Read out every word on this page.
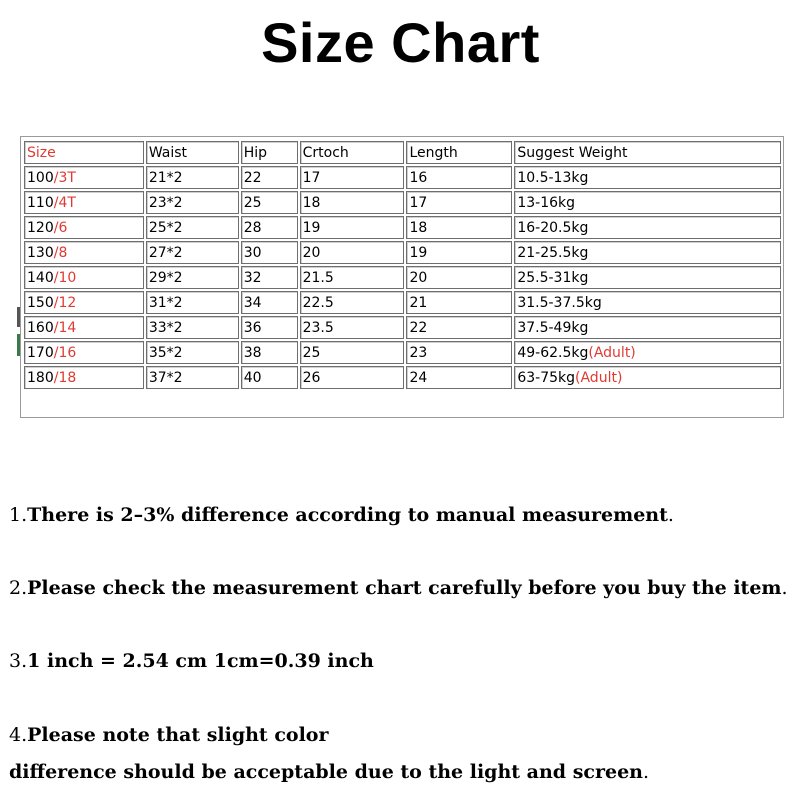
Size Chart
Size	Waist	Hip	Crtoch	Length	Suggest Weight
100/3T	21*2	22	17	16	10.5-13kg
110/4T	23*2	25	18	17	13-16kg
120/6	25*2	28	19	18	16-20.5kg
130/8	27*2	30	20	19	21-25.5kg
140/10	29*2	32	21.5	20	25.5-31kg
150/12	31*2	34	22.5	21	31.5-37.5kg
160/14	33*2	36	23.5	22	37.5-49kg
170/16	35*2	38	25	23	49-62.5kg(Adult)
180/18	37*2	40	26	24	63-75kg(Adult)
1.There is 2–3% difference according to manual measurement.
2.Please check the measurement chart carefully before you buy the item.
3.1 inch = 2.54 cm 1cm=0.39 inch
4.Please note that slight color
difference should be acceptable due to the light and screen.
